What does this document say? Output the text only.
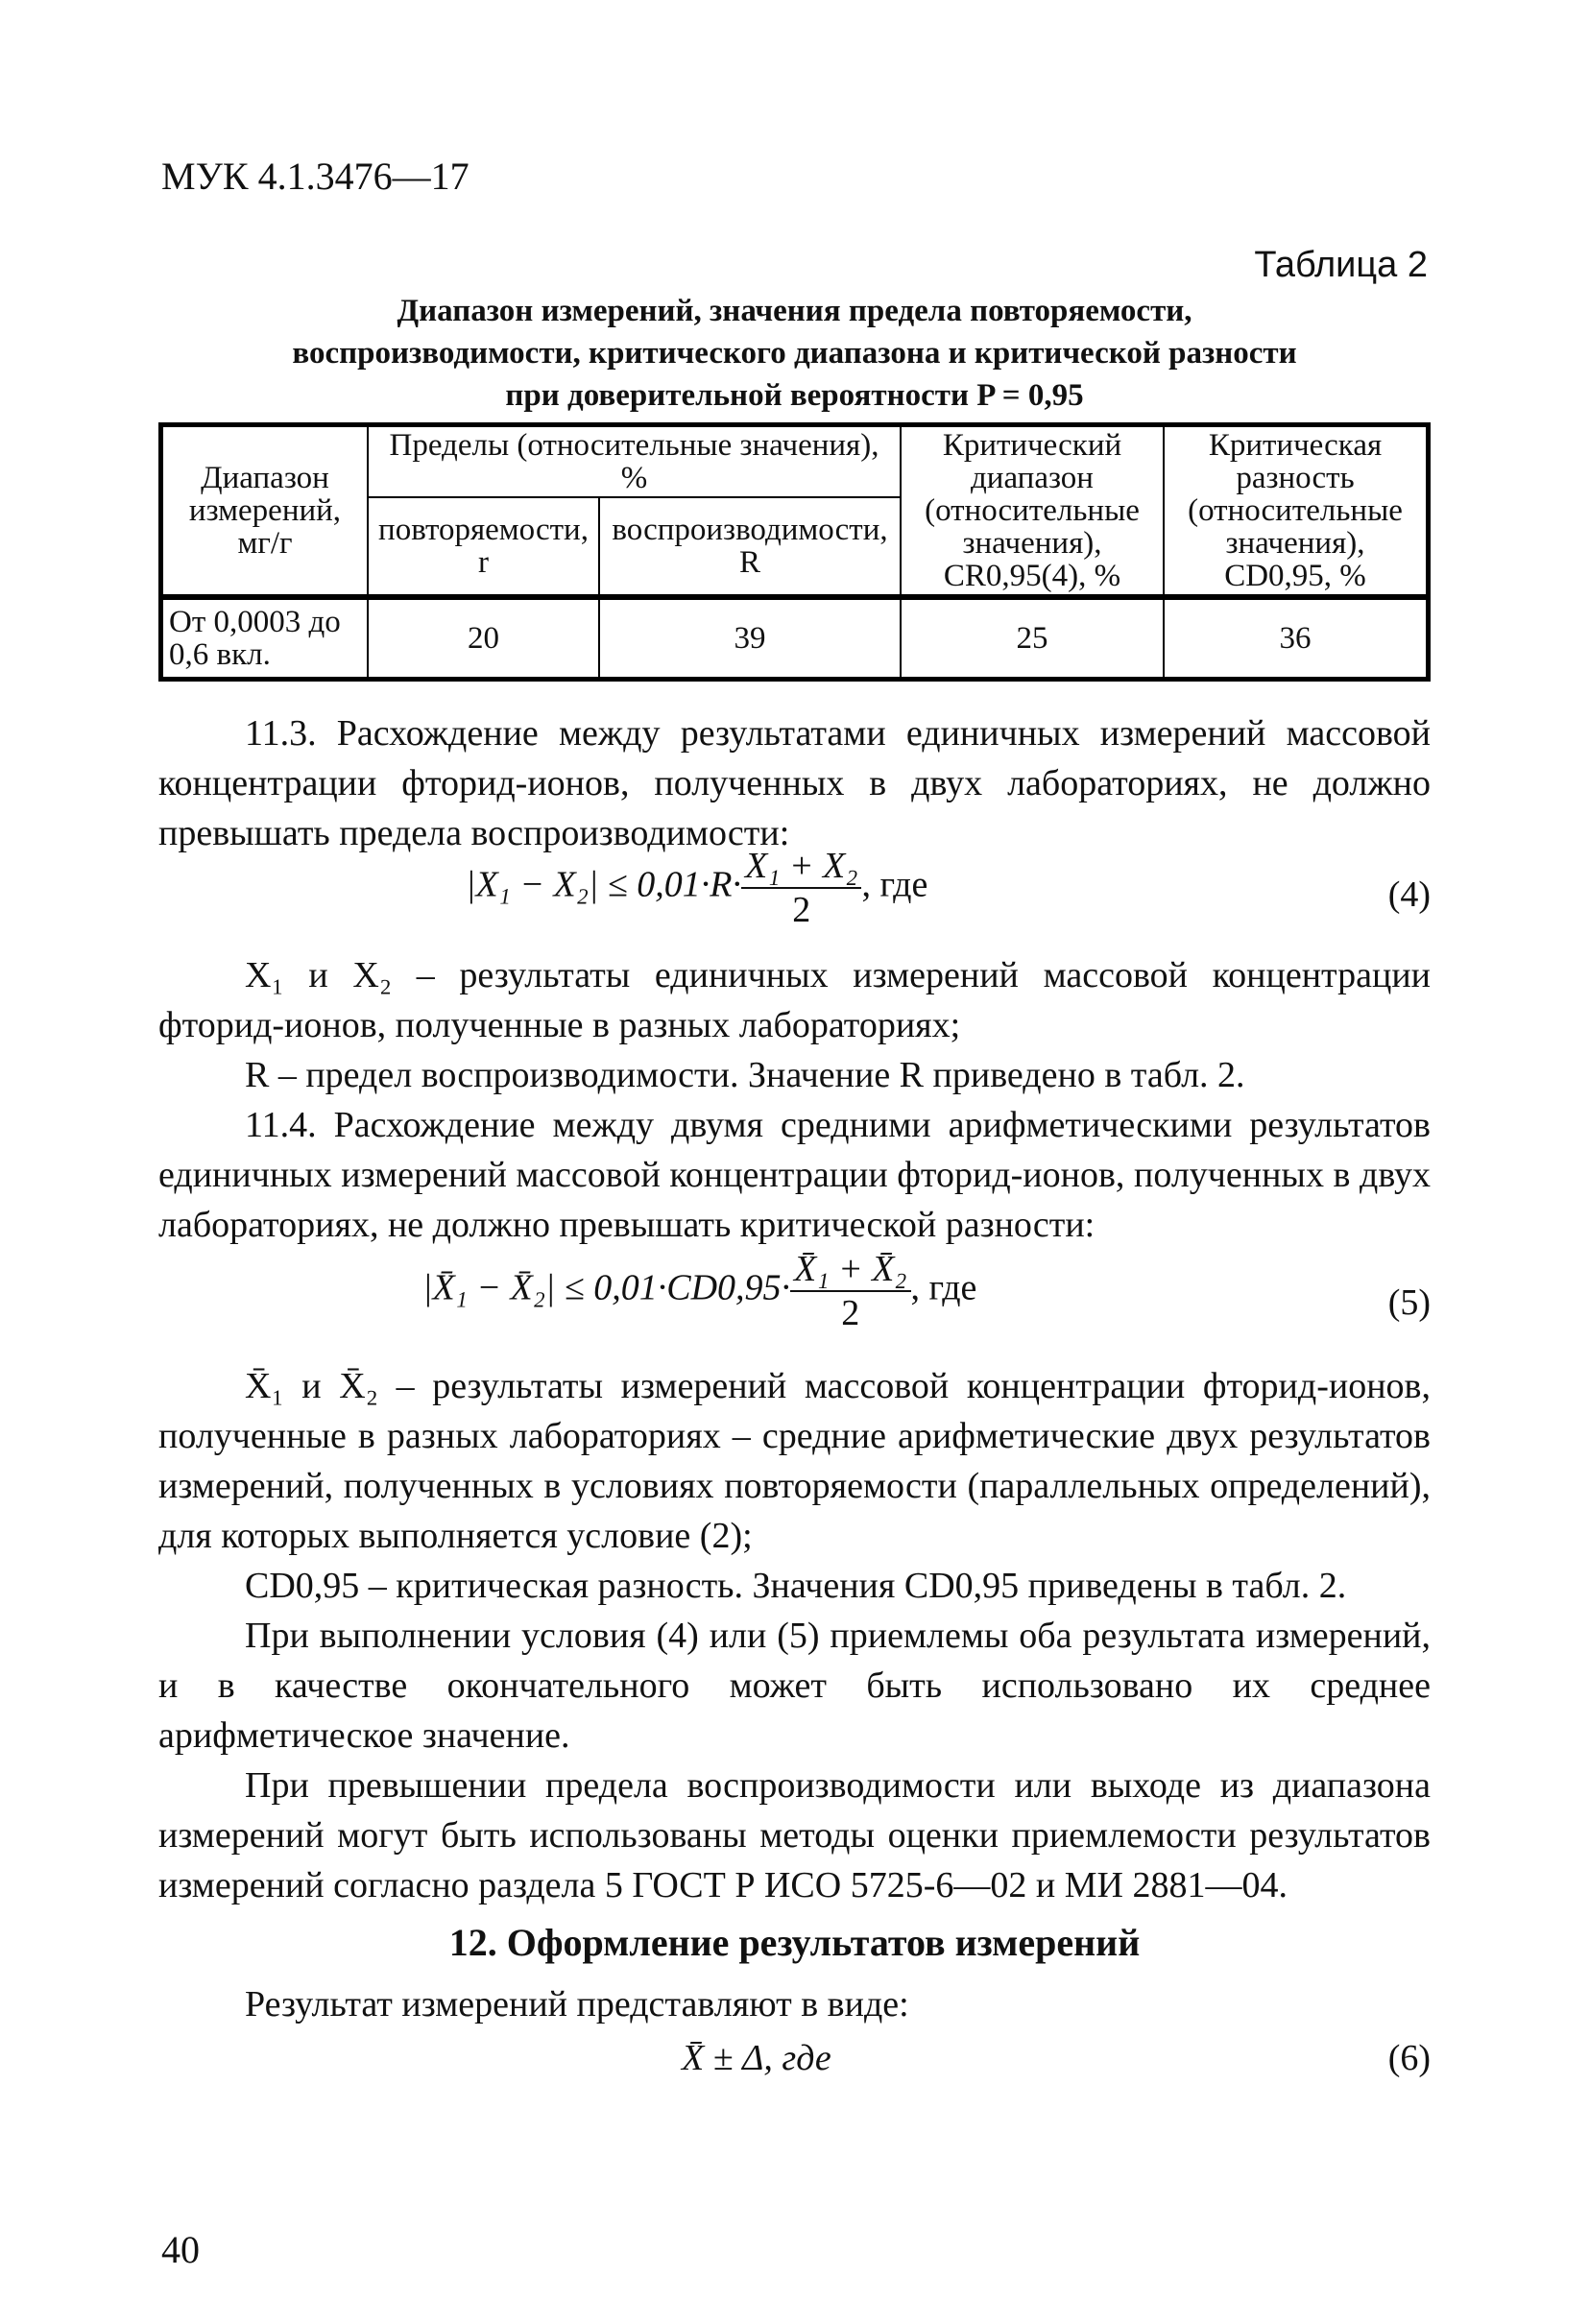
МУК 4.1.3476—17
Таблица 2
Диапазон измерений, значения предела повторяемости,
воспроизводимости, критического диапазона и критической разности
при доверительной вероятности P = 0,95
Диапазон измерений, мг/г	Пределы (относительные значения), %		Критический диапазон (относительные значения), CR0,95(4), %	Критическая разность (относительные значения), CD0,95, %
	повторяемости, r	воспроизводимости, R		
От 0,0003 до 0,6 вкл.	20	39	25	36

11.3. Расхождение между результатами единичных измерений массовой концентрации фторид-ионов, полученных в двух лабораториях, не должно превышать предела воспроизводимости:

$|X_1 - X_2| \le 0,01\cdot R\cdot \frac{\text{X₁ + X₂}}{2}$ , где	(4)

X₁ и X₂ – результаты единичных измерений массовой концентрации фторид-ионов, полученные в разных лабораториях;

R – предел воспроизводимости. Значение R приведено в табл. 2.

11.4. Расхождение между двумя средними арифметическими результатов единичных измерений массовой концентрации фторид-ионов, полученных в двух лабораториях, не должно превышать критической разности:

|X̄₁ − X̄₂| ≤ $0,01\cdot CD0,95\cdot \frac{\text{X̄₁ + X̄₂}}{2}$ , где	(5)

X̄₁ и X̄₂ – результаты измерений массовой концентрации фторид-ионов, полученные в разных лабораториях – средние арифметические двух результатов измерений, полученных в условиях повторяемости (параллельных определений), для которых выполняется условие (2);

CD0,95 – критическая разность. Значения CD0,95 приведены в табл. 2.

При выполнении условия (4) или (5) приемлемы оба результата измерений, и в качестве окончательного может быть использовано их среднее арифметическое значение.

При превышении предела воспроизводимости или выходе из диапазона измерений могут быть использованы методы оценки приемлемости результатов измерений согласно раздела 5 ГОСТ Р ИСО 5725-6—02 и МИ 2881—04.

12. Оформление результатов измерений

Результат измерений представляют в виде:

X̄ ± Δ, где	(6)
40
